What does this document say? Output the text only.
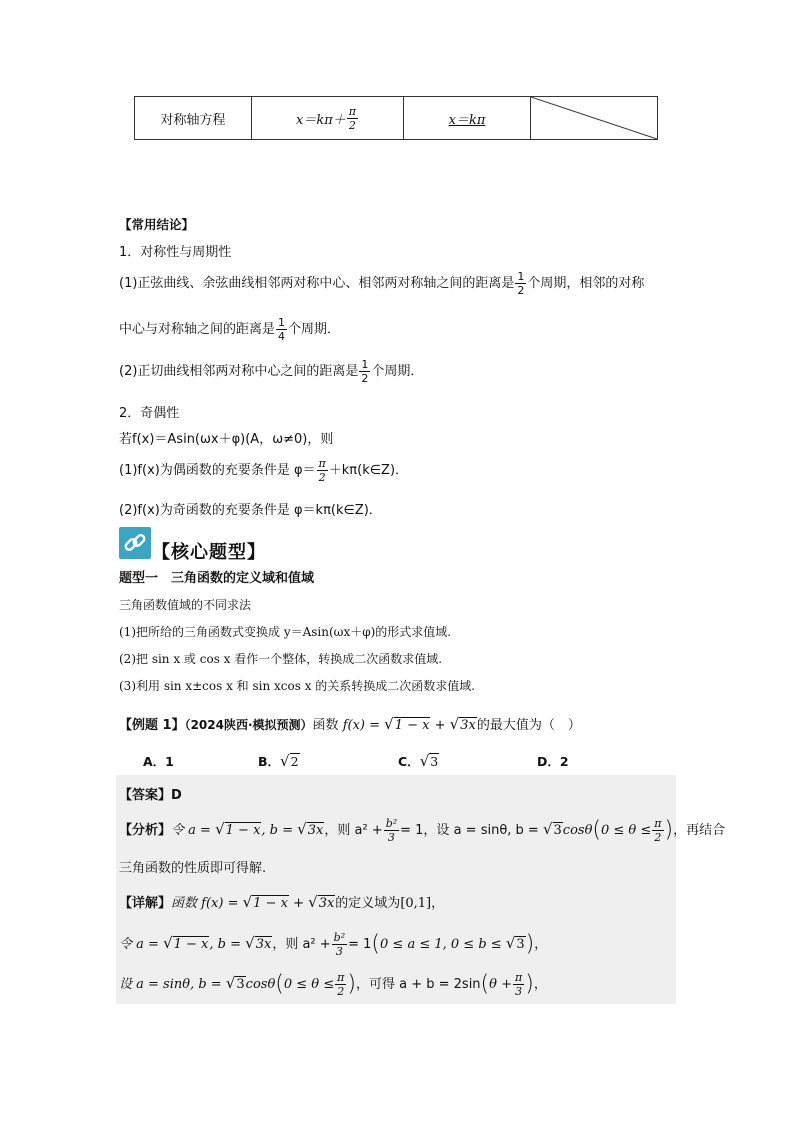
对称轴方程	$x=k\pi+ \frac{\pi}{2}$	x＝kπ
【常用结论】
1．对称性与周期性
(1)正弦曲线、余弦曲线相邻两对称中心、相邻两对称轴之间的距离是 $\frac{1}{2}$ 个周期，相邻的对称
中心与对称轴之间的距离是 $\frac{1}{4}$ 个周期．
(2)正切曲线相邻两对称中心之间的距离是 $\frac{1}{2}$ 个周期．
2．奇偶性
若f(x)＝Asin(ωx＋φ)(A，ω≠0)，则
(1)f(x)为偶函数的充要条件是 $\varphi= \frac{\pi}{2}$ ＋kπ(k∈Z)．
(2)f(x)为奇函数的充要条件是 φ＝kπ(k∈Z)．
【核心题型】
题型一　三角函数的定义域和值域
三角函数值域的不同求法
(1)把所给的三角函数式变换成 y＝Asin(ωx＋φ)的形式求值域.
(2)把 sin x 或 cos x 看作一个整体，转换成二次函数求值域.
(3)利用 sin x±cos x 和 sin xcos x 的关系转换成二次函数求值域.
【例题 1】（2024陕西·模拟预测）函数 f(x) = √1 − x + √3x的最大值为（　）
A．1	B．√2	C．√3	D．2
【答案】D
【分析】令 a = √1 − x, b = √3x，则 $a^2 + \frac{\text{b²}}{3} = 1$，设 a = sinθ, $b = √3\cos\theta(0 \le \theta \le \frac{\pi}{2}$ )，再结合
三角函数的性质即可得解.
【详解】函数 f(x) = √1 − x + √3x的定义域为[0,1]，
令 a = √1 − x, b = √3x，则 $a^2 + \frac{\text{b²}}{3} = 1(0 \le a \le 1$, 0 ≤ b ≤ √3)，
设 a = sinθ, $b = √3\cos\theta(0 \le \theta \le \frac{\pi}{2}$ )，可得 $a + b = 2\sin(\theta + \frac{\pi}{3}$ )，
